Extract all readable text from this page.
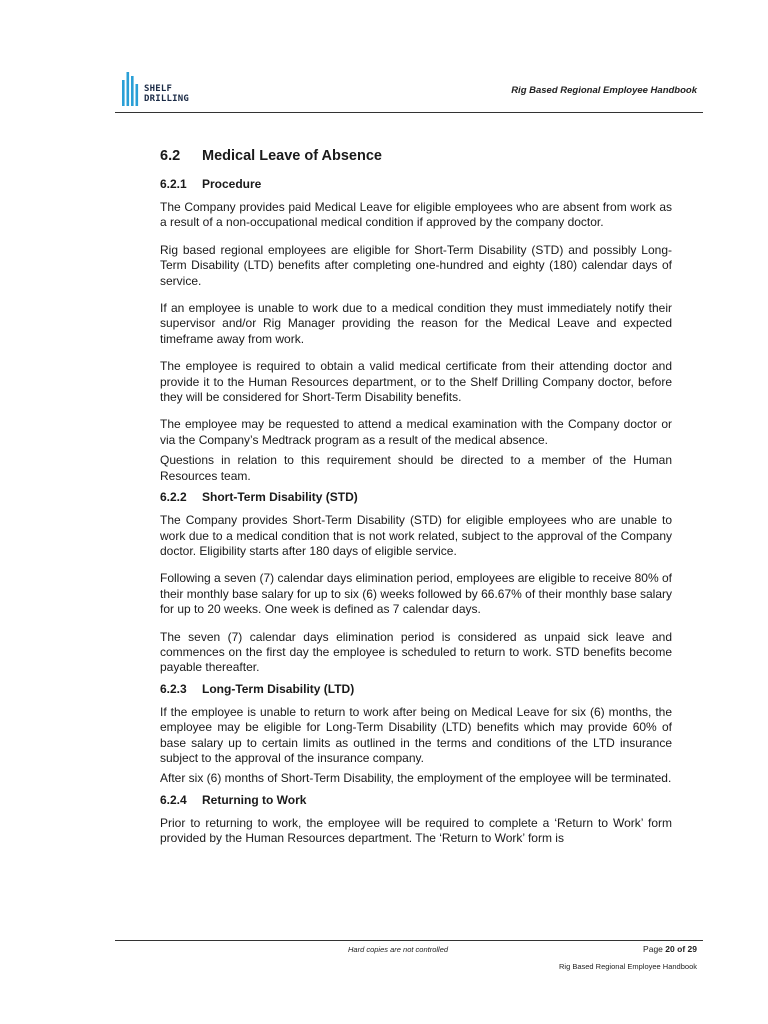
SHELF
DRILLING
Rig Based Regional Employee Handbook
6.2 Medical Leave of Absence
6.2.1 Procedure

The Company provides paid Medical Leave for eligible employees who are absent from work as a result of a non-occupational medical condition if approved by the company doctor.

Rig based regional employees are eligible for Short-Term Disability (STD) and possibly Long-Term Disability (LTD) benefits after completing one-hundred and eighty (180) calendar days of service.

If an employee is unable to work due to a medical condition they must immediately notify their supervisor and/or Rig Manager providing the reason for the Medical Leave and expected timeframe away from work.

The employee is required to obtain a valid medical certificate from their attending doctor and provide it to the Human Resources department, or to the Shelf Drilling Company doctor, before they will be considered for Short-Term Disability benefits.

The employee may be requested to attend a medical examination with the Company doctor or via the Company’s Medtrack program as a result of the medical absence.

Questions in relation to this requirement should be directed to a member of the Human Resources team.

6.2.2 Short-Term Disability (STD)

The Company provides Short-Term Disability (STD) for eligible employees who are unable to work due to a medical condition that is not work related, subject to the approval of the Company doctor. Eligibility starts after 180 days of eligible service.

Following a seven (7) calendar days elimination period, employees are eligible to receive 80% of their monthly base salary for up to six (6) weeks followed by 66.67% of their monthly base salary for up to 20 weeks. One week is defined as 7 calendar days.

The seven (7) calendar days elimination period is considered as unpaid sick leave and commences on the first day the employee is scheduled to return to work. STD benefits become payable thereafter.

6.2.3 Long-Term Disability (LTD)

If the employee is unable to return to work after being on Medical Leave for six (6) months, the employee may be eligible for Long-Term Disability (LTD) benefits which may provide 60% of base salary up to certain limits as outlined in the terms and conditions of the LTD insurance subject to the approval of the insurance company.

After six (6) months of Short-Term Disability, the employment of the employee will be terminated.

6.2.4 Returning to Work

Prior to returning to work, the employee will be required to complete a ‘Return to Work’ form provided by the Human Resources department. The ‘Return to Work’ form is

Hard copies are not controlled	Page 20 of 29
Rig Based Regional Employee Handbook
